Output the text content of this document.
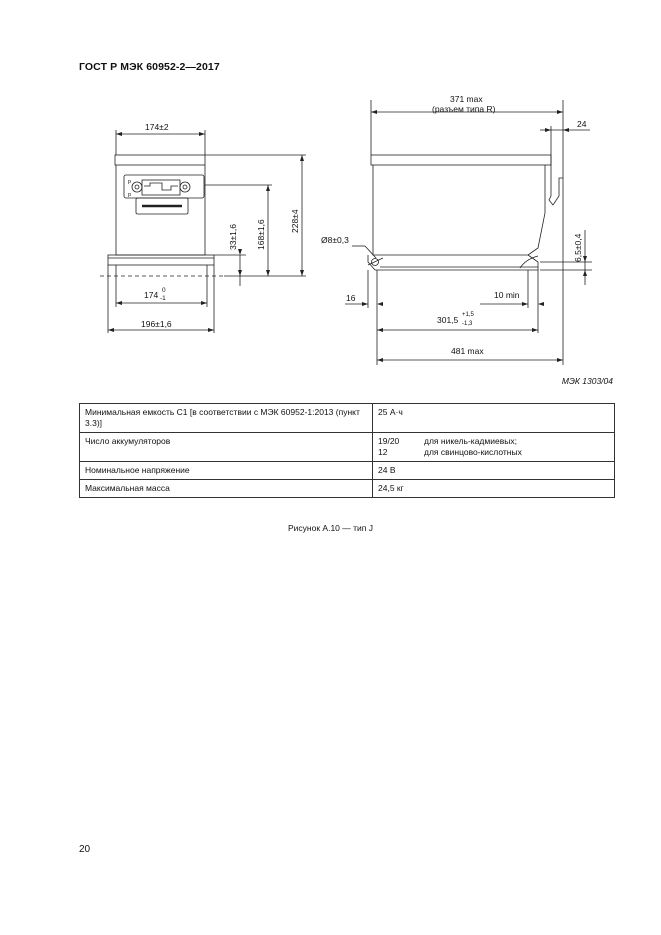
ГОСТ Р МЭК 60952-2—2017
174±2
174 0
-1
196±1,6
p
p
33±1,6 168±1,6	228±4
371 max
(разъем типа R)
24
Ø8±0,3	6,5±0,4
16	10 min
301,5 +1,5
-1,3
481 max
МЭК 1303/04
Минимальная емкость C1 [в соответствии с МЭК 60952-1:2013 (пункт 3.3)]	25 А·ч
Число аккумуляторов	19/20 для никель-кадмиевых;
12 для свинцово-кислотных

Номинальное напряжение	24 В
Максимальная масса	24,5 кг
Рисунок А.10 — тип J
20
